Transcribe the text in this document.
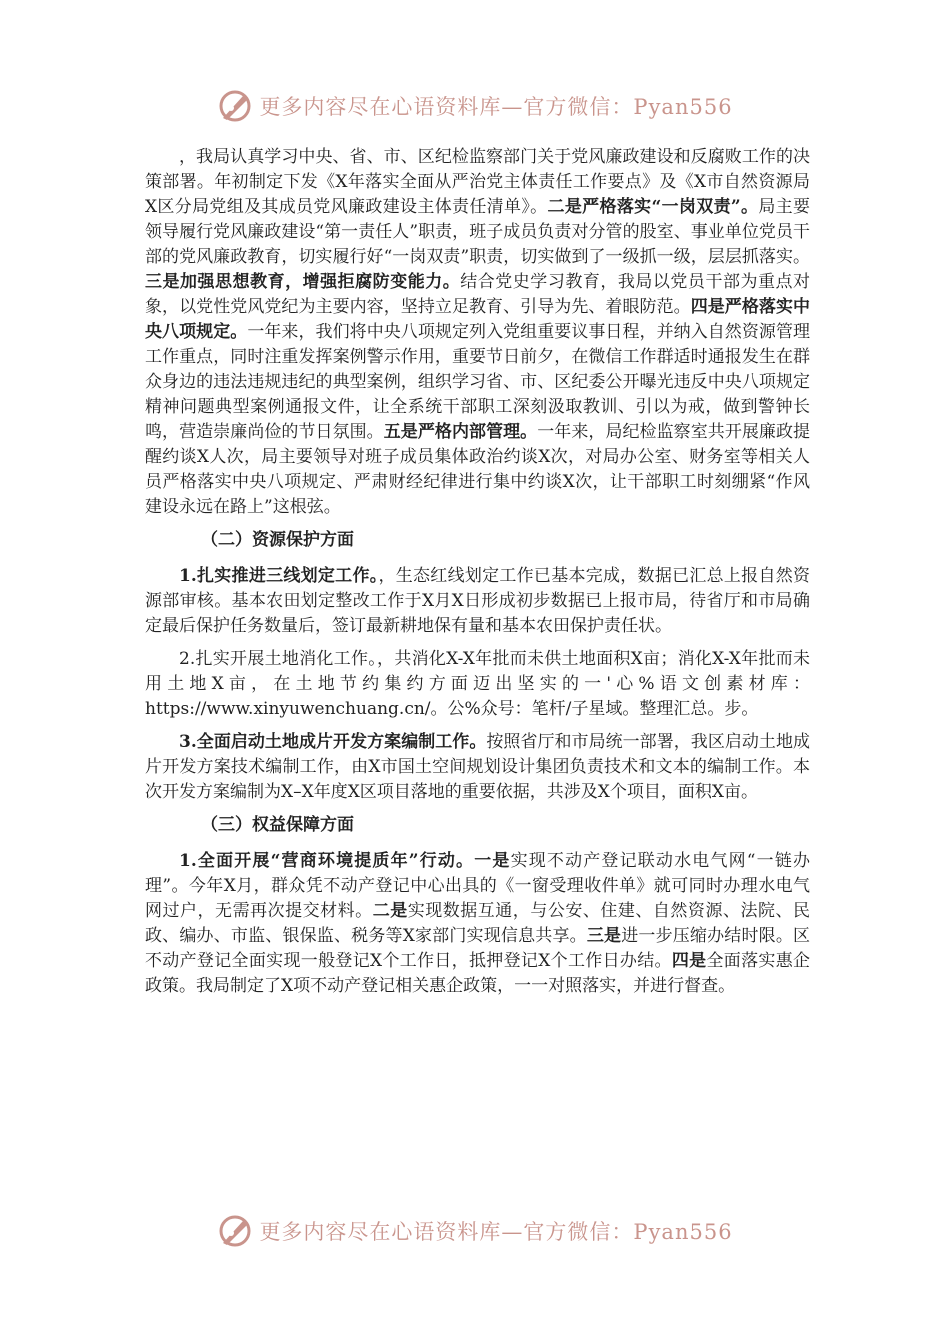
更多内容尽在心语资料库—官方微信：Pyan556

，我局认真学习中央、省、市、区纪检监察部门关于党风廉政建设和反腐败工作的决策部署。年初制定下发《X年落实全面从严治党主体责任工作要点》及《X市自然资源局X区分局党组及其成员党风廉政建设主体责任清单》。二是严格落实“一岗双责”。局主要领导履行党风廉政建设“第一责任人”职责，班子成员负责对分管的股室、事业单位党员干部的党风廉政教育，切实履行好“一岗双责”职责，切实做到了一级抓一级，层层抓落实。三是加强思想教育，增强拒腐防变能力。结合党史学习教育，我局以党员干部为重点对象，以党性党风党纪为主要内容，坚持立足教育、引导为先、着眼防范。四是严格落实中央八项规定。一年来，我们将中央八项规定列入党组重要议事日程，并纳入自然资源管理工作重点，同时注重发挥案例警示作用，重要节日前夕，在微信工作群适时通报发生在群众身边的违法违规违纪的典型案例，组织学习省、市、区纪委公开曝光违反中央八项规定精神问题典型案例通报文件，让全系统干部职工深刻汲取教训、引以为戒，做到警钟长鸣，营造崇廉尚俭的节日氛围。五是严格内部管理。一年来，局纪检监察室共开展廉政提醒约谈X人次，局主要领导对班子成员集体政治约谈X次，对局办公室、财务室等相关人员严格落实中央八项规定、严肃财经纪律进行集中约谈X次，让干部职工时刻绷紧“作风建设永远在路上”这根弦。

（二）资源保护方面

1.扎实推进三线划定工作。，生态红线划定工作已基本完成，数据已汇总上报自然资源部审核。基本农田划定整改工作于X月X日形成初步数据已上报市局，待省厅和市局确定最后保护任务数量后，签订最新耕地保有量和基本农田保护责任状。

2.扎实开展土地消化工作。，共消化X-X年批而未供土地面积X亩；消化X-X年批而未用土地X亩，在土地节约集约方面迈出坚实的一'心%语文创素材库：https://www.xinyuwenchuang.cn/。公%众号：笔杆/子星域。整理汇总。步。

3.全面启动土地成片开发方案编制工作。按照省厅和市局统一部署，我区启动土地成片开发方案技术编制工作，由X市国土空间规划设计集团负责技术和文本的编制工作。本次开发方案编制为X–X年度X区项目落地的重要依据，共涉及X个项目，面积X亩。

（三）权益保障方面

1.全面开展“营商环境提质年”行动。一是实现不动产登记联动水电气网“一链办理”。今年X月，群众凭不动产登记中心出具的《一窗受理收件单》就可同时办理水电气网过户，无需再次提交材料。二是实现数据互通，与公安、住建、自然资源、法院、民政、编办、市监、银保监、税务等X家部门实现信息共享。三是进一步压缩办结时限。区不动产登记全面实现一般登记X个工作日，抵押登记X个工作日办结。四是全面落实惠企政策。我局制定了X项不动产登记相关惠企政策，一一对照落实，并进行督查。

更多内容尽在心语资料库—官方微信：Pyan556
